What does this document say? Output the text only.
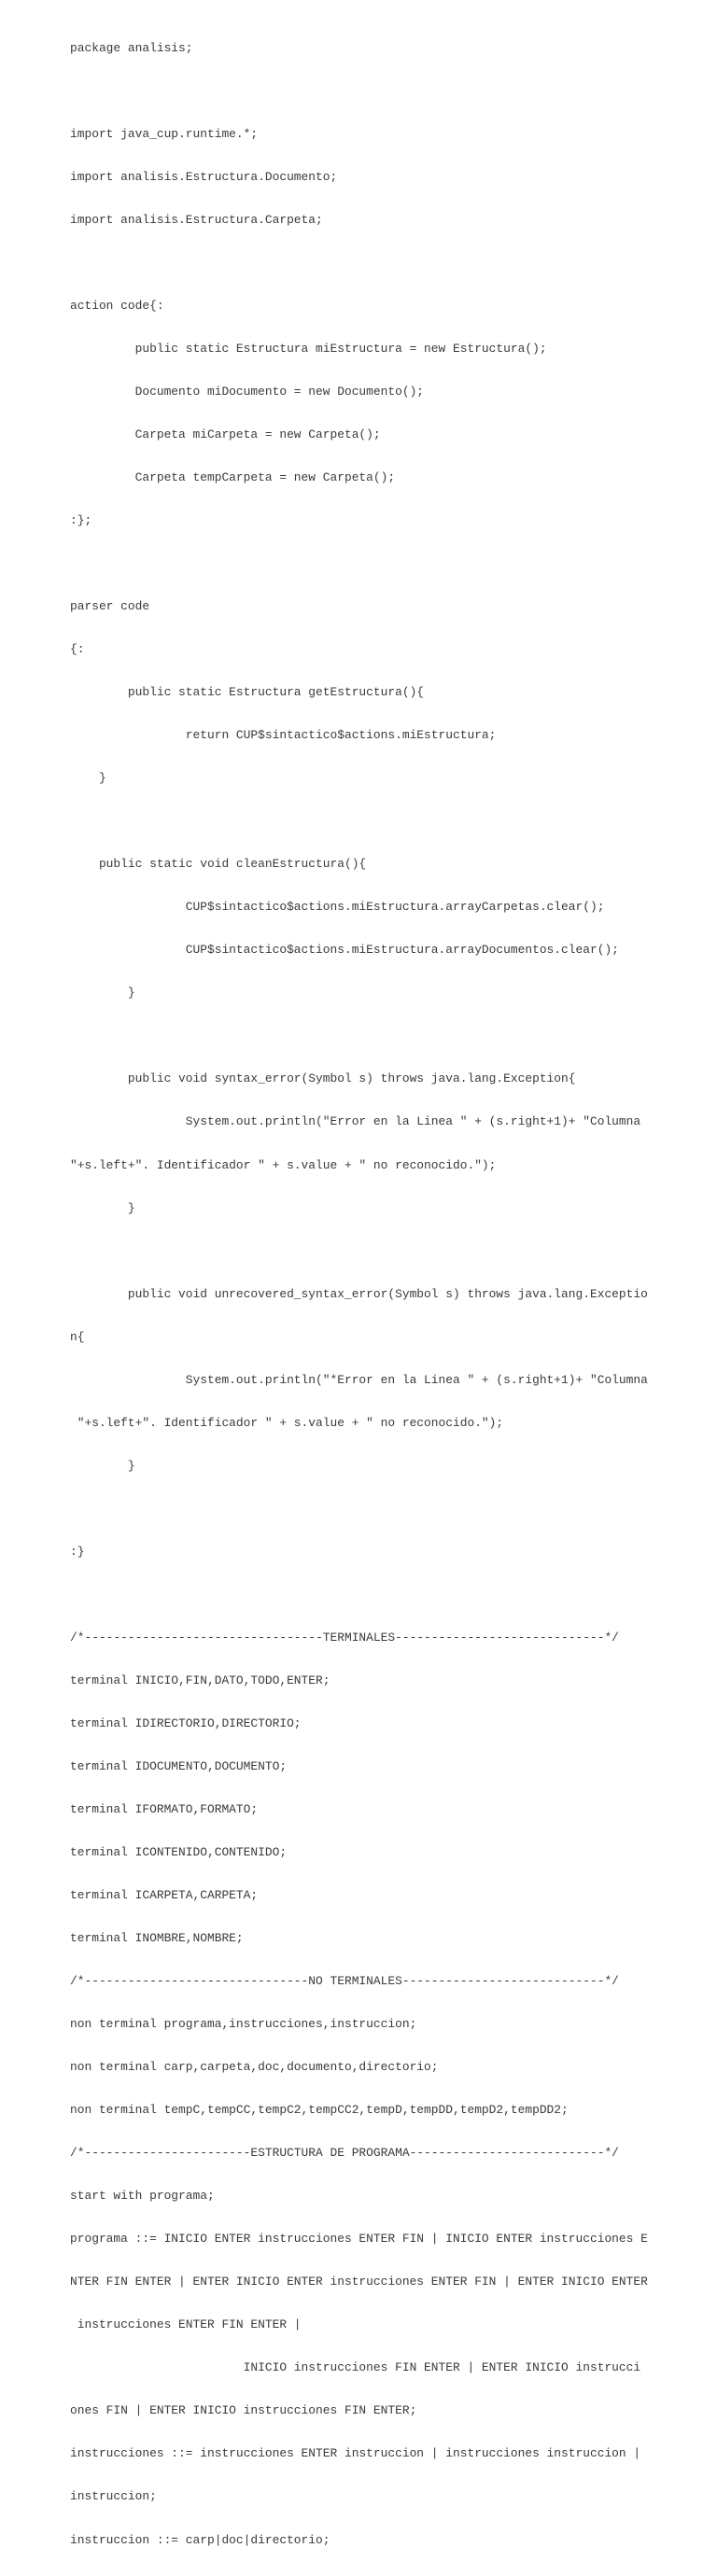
package analisis;

import java_cup.runtime.*;

import analisis.Estructura.Documento;

import analisis.Estructura.Carpeta;

action code{:

public static Estructura miEstructura = new Estructura();

Documento miDocumento = new Documento();

Carpeta miCarpeta = new Carpeta();

Carpeta tempCarpeta = new Carpeta();

:};

parser code

{:

public static Estructura getEstructura(){

return CUP$sintactico$actions.miEstructura;

}

public static void cleanEstructura(){

CUP$sintactico$actions.miEstructura.arrayCarpetas.clear();

CUP$sintactico$actions.miEstructura.arrayDocumentos.clear();

}

public void syntax_error(Symbol s) throws java.lang.Exception{

System.out.println("Error en la Linea " + (s.right+1)+ "Columna

"+s.left+". Identificador " + s.value + " no reconocido.");

}

public void unrecovered_syntax_error(Symbol s) throws java.lang.Exceptio

n{

System.out.println("*Error en la Linea " + (s.right+1)+ "Columna

"+s.left+". Identificador " + s.value + " no reconocido.");

}

:}

/*---------------------------------TERMINALES-----------------------------*/

terminal INICIO,FIN,DATO,TODO,ENTER;

terminal IDIRECTORIO,DIRECTORIO;

terminal IDOCUMENTO,DOCUMENTO;

terminal IFORMATO,FORMATO;

terminal ICONTENIDO,CONTENIDO;

terminal ICARPETA,CARPETA;

terminal INOMBRE,NOMBRE;

/*-------------------------------NO TERMINALES----------------------------*/

non terminal programa,instrucciones,instruccion;

non terminal carp,carpeta,doc,documento,directorio;

non terminal tempC,tempCC,tempC2,tempCC2,tempD,tempDD,tempD2,tempDD2;

/*-----------------------ESTRUCTURA DE PROGRAMA---------------------------*/

start with programa;

programa ::= INICIO ENTER instrucciones ENTER FIN | INICIO ENTER instrucciones E

NTER FIN ENTER | ENTER INICIO ENTER instrucciones ENTER FIN | ENTER INICIO ENTER

instrucciones ENTER FIN ENTER |

INICIO instrucciones FIN ENTER | ENTER INICIO instrucci

ones FIN | ENTER INICIO instrucciones FIN ENTER;

instrucciones ::= instrucciones ENTER instruccion | instrucciones instruccion |

instruccion;

instruccion ::= carp|doc|directorio;
